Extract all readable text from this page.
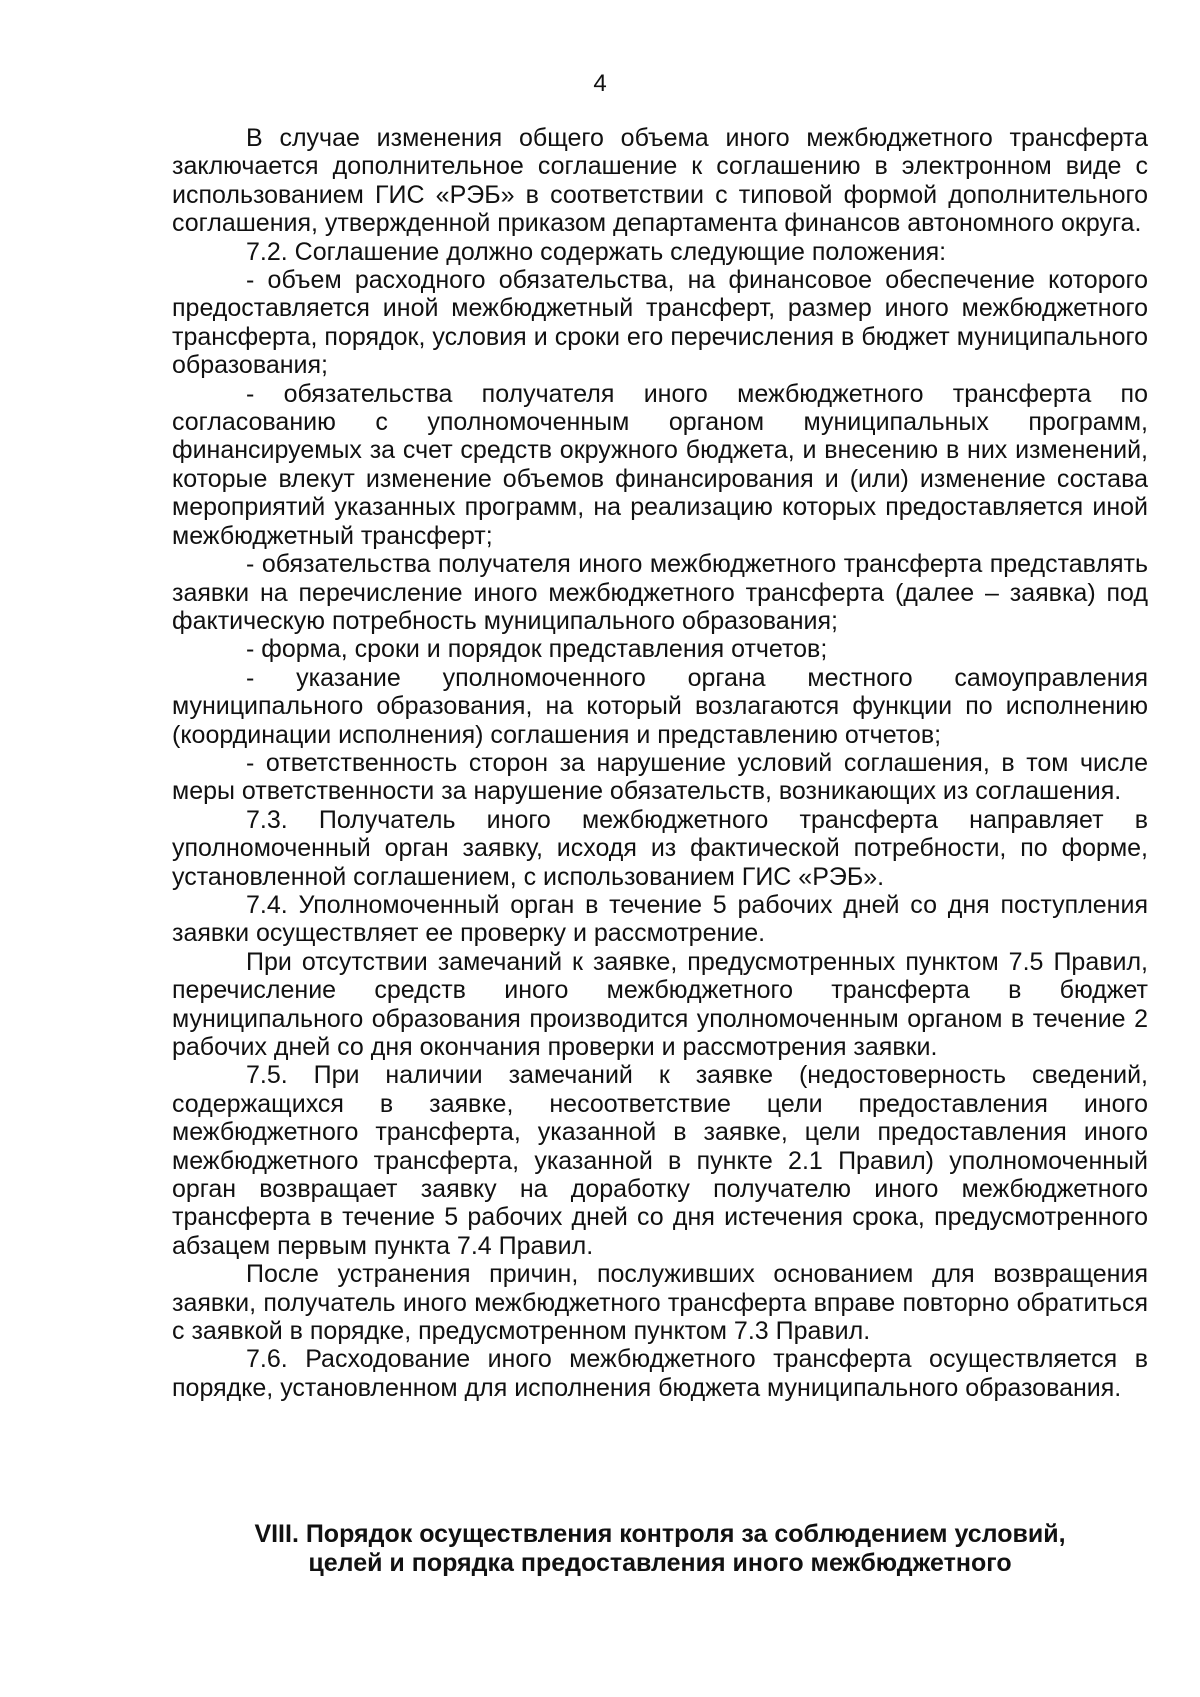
4

В случае изменения общего объема иного межбюджетного трансферта заключается дополнительное соглашение к соглашению в электронном виде с использованием ГИС «РЭБ» в соответствии с типовой формой дополнительного соглашения, утвержденной приказом департамента финансов автономного округа.

7.2. Соглашение должно содержать следующие положения:

- объем расходного обязательства, на финансовое обеспечение которого предоставляется иной межбюджетный трансферт, размер иного межбюджетного трансферта, порядок, условия и сроки его перечисления в бюджет муниципального образования;

- обязательства получателя иного межбюджетного трансферта по согласованию с уполномоченным органом муниципальных программ, финансируемых за счет средств окружного бюджета, и внесению в них изменений, которые влекут изменение объемов финансирования и (или) изменение состава мероприятий указанных программ, на реализацию которых предоставляется иной межбюджетный трансферт;

- обязательства получателя иного межбюджетного трансферта представлять заявки на перечисление иного межбюджетного трансферта (далее – заявка) под фактическую потребность муниципального образования;

- форма, сроки и порядок представления отчетов;

- указание уполномоченного органа местного самоуправления муниципального образования, на который возлагаются функции по исполнению (координации исполнения) соглашения и представлению отчетов;

- ответственность сторон за нарушение условий соглашения, в том числе меры ответственности за нарушение обязательств, возникающих из соглашения.

7.3. Получатель иного межбюджетного трансферта направляет в уполномоченный орган заявку, исходя из фактической потребности, по форме, установленной соглашением, с использованием ГИС «РЭБ».

7.4. Уполномоченный орган в течение 5 рабочих дней со дня поступления заявки осуществляет ее проверку и рассмотрение.

При отсутствии замечаний к заявке, предусмотренных пунктом 7.5 Правил, перечисление средств иного межбюджетного трансферта в бюджет муниципального образования производится уполномоченным органом в течение 2 рабочих дней со дня окончания проверки и рассмотрения заявки.

7.5. При наличии замечаний к заявке (недостоверность сведений, содержащихся в заявке, несоответствие цели предоставления иного межбюджетного трансферта, указанной в заявке, цели предоставления иного межбюджетного трансферта, указанной в пункте 2.1 Правил) уполномоченный орган возвращает заявку на доработку получателю иного межбюджетного трансферта в течение 5 рабочих дней со дня истечения срока, предусмотренного абзацем первым пункта 7.4 Правил.

После устранения причин, послуживших основанием для возвращения заявки, получатель иного межбюджетного трансферта вправе повторно обратиться с заявкой в порядке, предусмотренном пунктом 7.3 Правил.

7.6. Расходование иного межбюджетного трансферта осуществляется в порядке, установленном для исполнения бюджета муниципального образования.

VIII. Порядок осуществления контроля за соблюдением условий,
целей и порядка предоставления иного межбюджетного
